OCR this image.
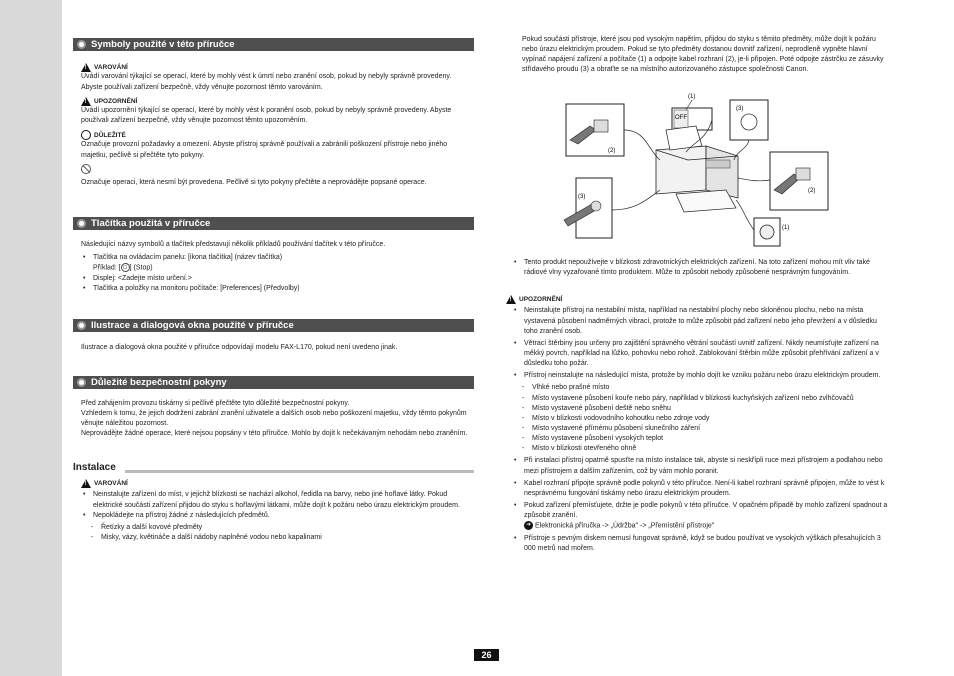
Symboly použité v této příručce
!
VAROVÁNÍ
Uvádí varování týkající se operací, které by mohly vést k úmrtí nebo zranění osob, pokud by nebyly správně provedeny. Abyste používali zařízení bezpečně, vždy věnujte pozornost těmto varováním.
!
UPOZORNĚNÍ
Uvádí upozornění týkající se operací, které by mohly vést k poranění osob, pokud by nebyly správně provedeny. Abyste používali zařízení bezpečně, vždy věnujte pozornost těmto upozorněním.
DŮLEŽITÉ
Označuje provozní požadavky a omezení. Abyste přístroj správně používali a zabránili poškození přístroje nebo jiného majetku, pečlivě si přečtěte tyto pokyny.
Označuje operaci, která nesmí být provedena. Pečlivě si tyto pokyny přečtěte a neprovádějte popsané operace.
Tlačítka použitá v příručce
Následující názvy symbolů a tlačítek představují několik příkladů používání tlačítek v této příručce.
• Tlačítka na ovládacím panelu: [ikona tlačítka] (název tlačítka)
Příklad: [ ◻ ] (Stop)
• Displej: <Zadejte místo určení.>
• Tlačítka a položky na monitoru počítače: [Preferences] (Předvolby)
Ilustrace a dialogová okna použité v příručce
Ilustrace a dialogová okna použité v příručce odpovídají modelu FAX-L170, pokud není uvedeno jinak.
Důležité bezpečnostní pokyny
Před zahájením provozu tiskárny si pečlivě přečtěte tyto důležité bezpečnostní pokyny.
Vzhledem k tomu, že jejich dodržení zabrání zranění uživatele a dalších osob nebo poškození majetku, vždy těmto pokynům věnujte náležitou pozornost.
Neprovádějte žádné operace, které nejsou popsány v této příručce. Mohlo by dojít k nečekávaným nehodám nebo zraněním.
Instalace
!
VAROVÁNÍ
• Neinstalujte zařízení do míst, v jejichž blízkosti se nachází alkohol, ředidla na barvy, nebo jiné hořlavé látky. Pokud elektrické součásti zařízení přijdou do styku s hořlavými látkami, může dojít k požáru nebo úrazu elektrickým proudem.
• Nepokládejte na přístroj žádné z následujících předmětů.
- Řetízky a další kovové předměty
- Misky, vázy, květináče a další nádoby naplněné vodou nebo kapalinami
Pokud součásti přístroje, které jsou pod vysokým napětím, přijdou do styku s těmito předměty, může dojít k požáru nebo úrazu elektrickým proudem. Pokud se tyto předměty dostanou dovnitř zařízení, neprodleně vypněte hlavní vypínač napájení zařízení a počítače (1) a odpojte kabel rozhraní (2), je-li připojen. Poté odpojte zástrčku ze zásuvky střídavého proudu (3) a obraťte se na místního autorizovaného zástupce společnosti Canon.
OFF
(1)
(3)
(2)
(3)
(2)
(1)
• Tento produkt nepoužívejte v blízkosti zdravotnických elektrických zařízení. Na toto zařízení mohou mít vliv také rádiové vlny vyzařované tímto produktem. Může to způsobit nebody způsobené nesprávným fungováním.
!
UPOZORNĚNÍ
• Neinstalujte přístroj na nestabilní místa, například na nestabilní plochy nebo skloněnou plochu, nebo na místa vystavená působení nadměrných vibrací, protože to může způsobit pád zařízení nebo jeho převržení a v důsledku toho zranění osob.
• Větrací štěrbiny jsou určeny pro zajištění správného větrání součástí uvnitř zařízení. Nikdy neumísťujte zařízení na měkký povrch, například na lůžko, pohovku nebo rohož. Zablokování štěrbin může způsobit přehřívání zařízení a v důsledku toho požár.
• Přístroj neinstalujte na následující místa, protože by mohlo dojít ke vzniku požáru nebo úrazu elektrickým proudem.
- Vlhké nebo prašné místo
- Místo vystavené působení kouře nebo páry, například v blízkosti kuchyňských zařízení nebo zvlhčovačů
- Místo vystavené působení deště nebo sněhu
- Místo v blízkosti vodovodního kohoutku nebo zdroje vody
- Místo vystavené přímému působení slunečního záření
- Místo vystavené působení vysokých teplot
- Místo v blízkosti otevřeného ohně
• Při instalaci přístroj opatrně spusťte na místo instalace tak, abyste si neskřípli ruce mezi přístrojem a podlahou nebo mezi přístrojem a dalším zařízením, což by vám mohlo poranit.
• Kabel rozhraní připojte správně podle pokynů v této příručce. Není-li kabel rozhraní správně připojen, může to vést k nesprávnému fungování tiskárny nebo úrazu elektrickým proudem.
• Pokud zařízení přemísťujete, držte je podle pokynů v této příručce. V opačném případě by mohlo zařízení spadnout a způsobit zranění.
➜ Elektronická příručka -> „Údržba" -> „Přemístění přístroje"
• Přístroje s pevným diskem nemusí fungovat správně, když se budou používat ve vysokých výškách přesahujících 3 000 metrů nad mořem.
26
